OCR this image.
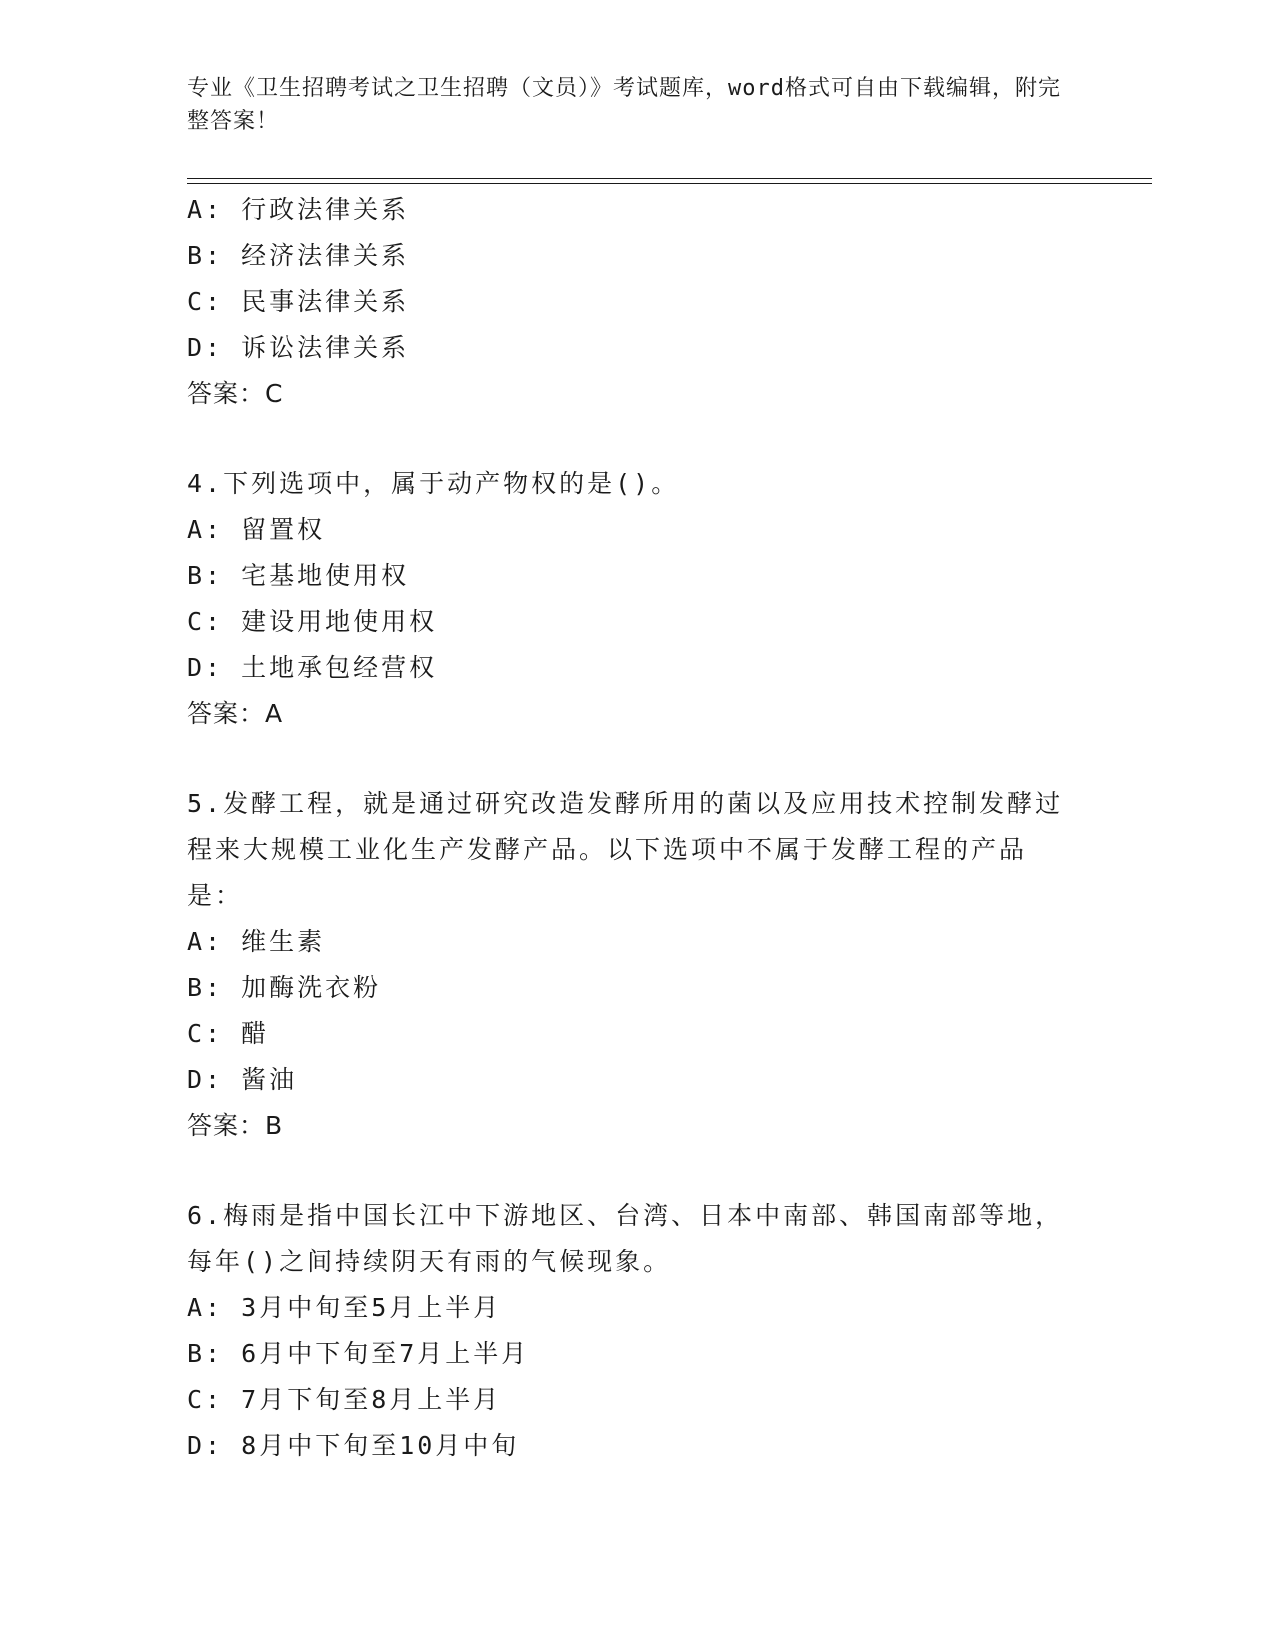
专业《卫生招聘考试之卫生招聘（文员）》考试题库，word格式可自由下载编辑，附完整答案！
A: 行政法律关系
B: 经济法律关系
C: 民事法律关系
D: 诉讼法律关系
答案：C
4.下列选项中，属于动产物权的是()。
A: 留置权
B: 宅基地使用权
C: 建设用地使用权
D: 土地承包经营权
答案：A
5.发酵工程，就是通过研究改造发酵所用的菌以及应用技术控制发酵过程来大规模工业化生产发酵产品。以下选项中不属于发酵工程的产品是：
A: 维生素
B: 加酶洗衣粉
C: 醋
D: 酱油
答案：B
6.梅雨是指中国长江中下游地区、台湾、日本中南部、韩国南部等地，每年()之间持续阴天有雨的气候现象。
A: 3月中旬至5月上半月
B: 6月中下旬至7月上半月
C: 7月下旬至8月上半月
D: 8月中下旬至10月中旬
